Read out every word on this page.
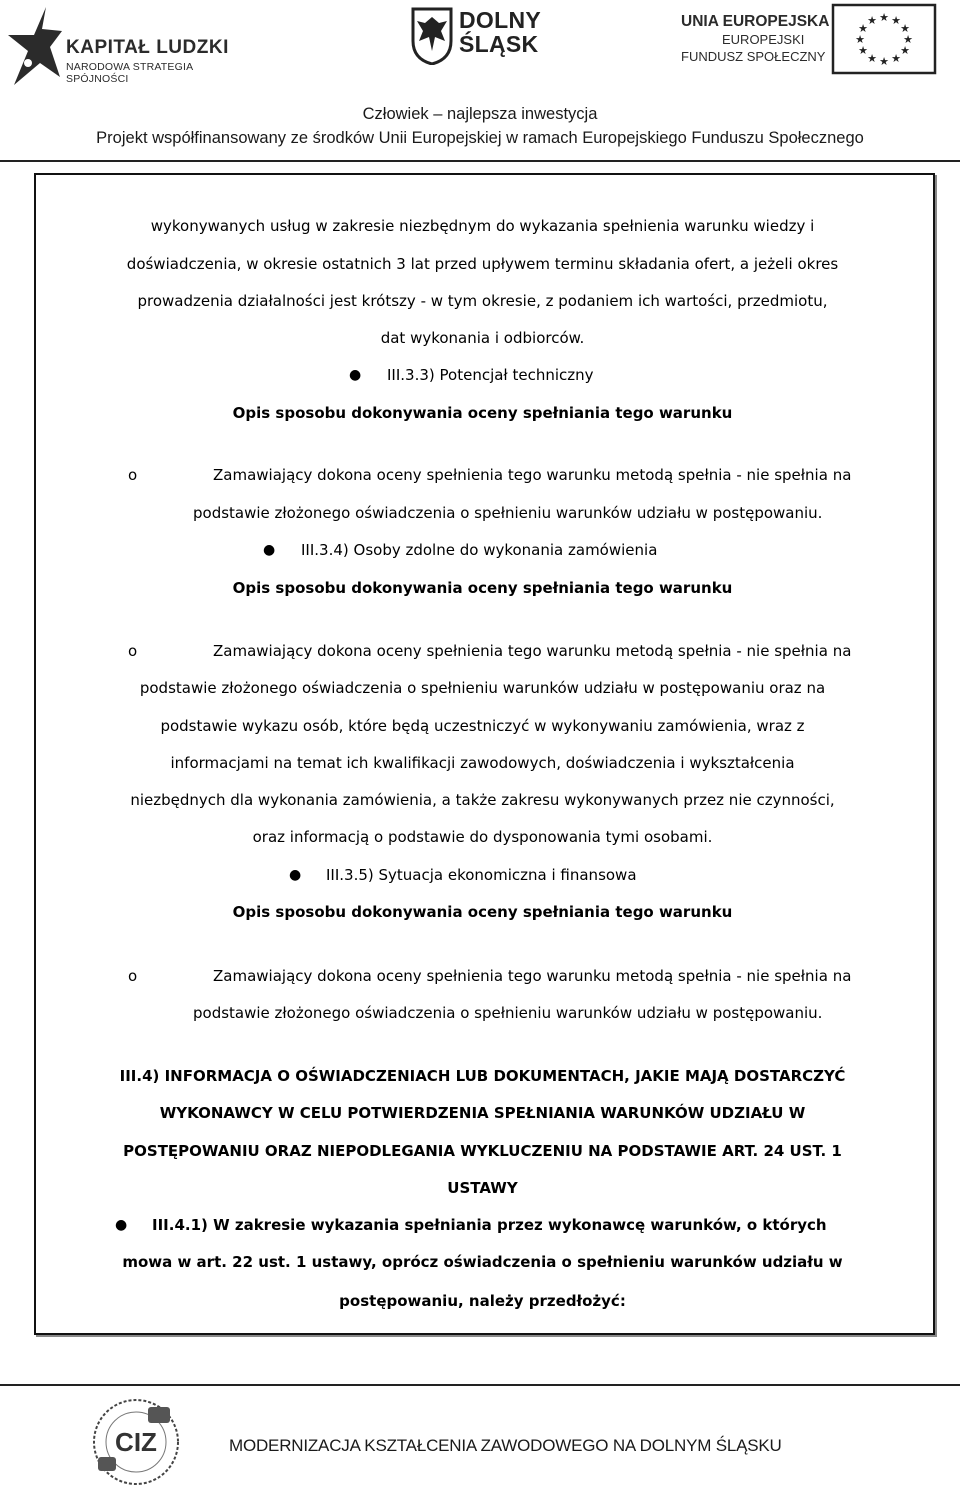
KAPITAŁ LUDZKI
NARODOWA STRATEGIA SPÓJNOŚCI
DOLNY
ŚLĄSK
UNIA EUROPEJSKA
EUROPEJSKI
FUNDUSZ SPOŁECZNY
★ ★
★
★
★
★
★
★
★
★
★
★
Człowiek – najlepsza inwestycja
Projekt współfinansowany ze środków Unii Europejskiej w ramach Europejskiego Funduszu Społecznego
wykonywanych usług w zakresie niezbędnym do wykazania spełnienia warunku wiedzy i
doświadczenia, w okresie ostatnich 3 lat przed upływem terminu składania ofert, a jeżeli okres
prowadzenia działalności jest krótszy - w tym okresie, z podaniem ich wartości, przedmiotu,
dat wykonania i odbiorców.
● III.3.3) Potencjał techniczny
Opis sposobu dokonywania oceny spełniania tego warunku
o	Zamawiający dokona oceny spełnienia tego warunku metodą spełnia - nie spełnia na
podstawie złożonego oświadczenia o spełnieniu warunków udziału w postępowaniu.
● III.3.4) Osoby zdolne do wykonania zamówienia
Opis sposobu dokonywania oceny spełniania tego warunku
o	Zamawiający dokona oceny spełnienia tego warunku metodą spełnia - nie spełnia na
podstawie złożonego oświadczenia o spełnieniu warunków udziału w postępowaniu oraz na
podstawie wykazu osób, które będą uczestniczyć w wykonywaniu zamówienia, wraz z
informacjami na temat ich kwalifikacji zawodowych, doświadczenia i wykształcenia
niezbędnych dla wykonania zamówienia, a także zakresu wykonywanych przez nie czynności,
oraz informacją o podstawie do dysponowania tymi osobami.
● III.3.5) Sytuacja ekonomiczna i finansowa
Opis sposobu dokonywania oceny spełniania tego warunku
o	Zamawiający dokona oceny spełnienia tego warunku metodą spełnia - nie spełnia na
podstawie złożonego oświadczenia o spełnieniu warunków udziału w postępowaniu.
III.4) INFORMACJA O OŚWIADCZENIACH LUB DOKUMENTACH, JAKIE MAJĄ DOSTARCZYĆ
WYKONAWCY W CELU POTWIERDZENIA SPEŁNIANIA WARUNKÓW UDZIAŁU W
POSTĘPOWANIU ORAZ NIEPODLEGANIA WYKLUCZENIU NA PODSTAWIE ART. 24 UST. 1
USTAWY
● III.4.1) W zakresie wykazania spełniania przez wykonawcę warunków, o których
mowa w art. 22 ust. 1 ustawy, oprócz oświadczenia o spełnieniu warunków udziału w
postępowaniu, należy przedłożyć:
CIZ	MODERNIZACJA KSZTAŁCENIA ZAWODOWEGO NA DOLNYM ŚLĄSKU
